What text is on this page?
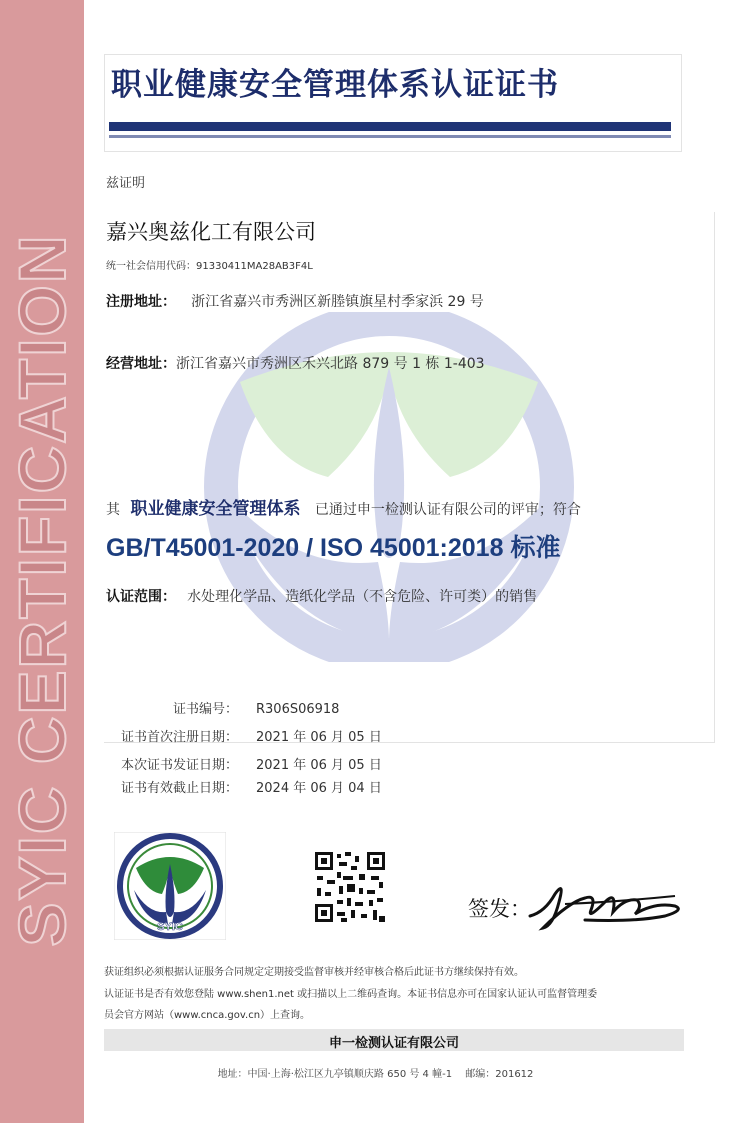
SYIC CERTIFICATION
职业健康安全管理体系认证证书
兹证明
嘉兴奥兹化工有限公司
统一社会信用代码：91330411MA28AB3F4L
注册地址： 浙江省嘉兴市秀洲区新塍镇旗星村季家浜 29 号
经营地址：浙江省嘉兴市秀洲区禾兴北路 879 号 1 栋 1-403
其 职业健康安全管理体系 已通过申一检测认证有限公司的评审；符合
GB/T45001-2020 / ISO 45001:2018 标准
认证范围： 水处理化学品、造纸化学品（不含危险、许可类）的销售
证书编号： R306S06918
证书首次注册日期： 2021 年 06 月 05 日
本次证书发证日期： 2021 年 06 月 05 日
证书有效截止日期： 2024 年 06 月 04 日
SYIC
签发：
获证组织必须根据认证服务合同规定定期接受监督审核并经审核合格后此证书方继续保持有效。
认证证书是否有效您登陆 www.shen1.net 或扫描以上二维码查询。本证书信息亦可在国家认证认可监督管理委
员会官方网站（www.cnca.gov.cn）上查询。
申一检测认证有限公司
地址：中国·上海·松江区九亭镇顺庆路 650 号 4 幢-1　 邮编：201612
